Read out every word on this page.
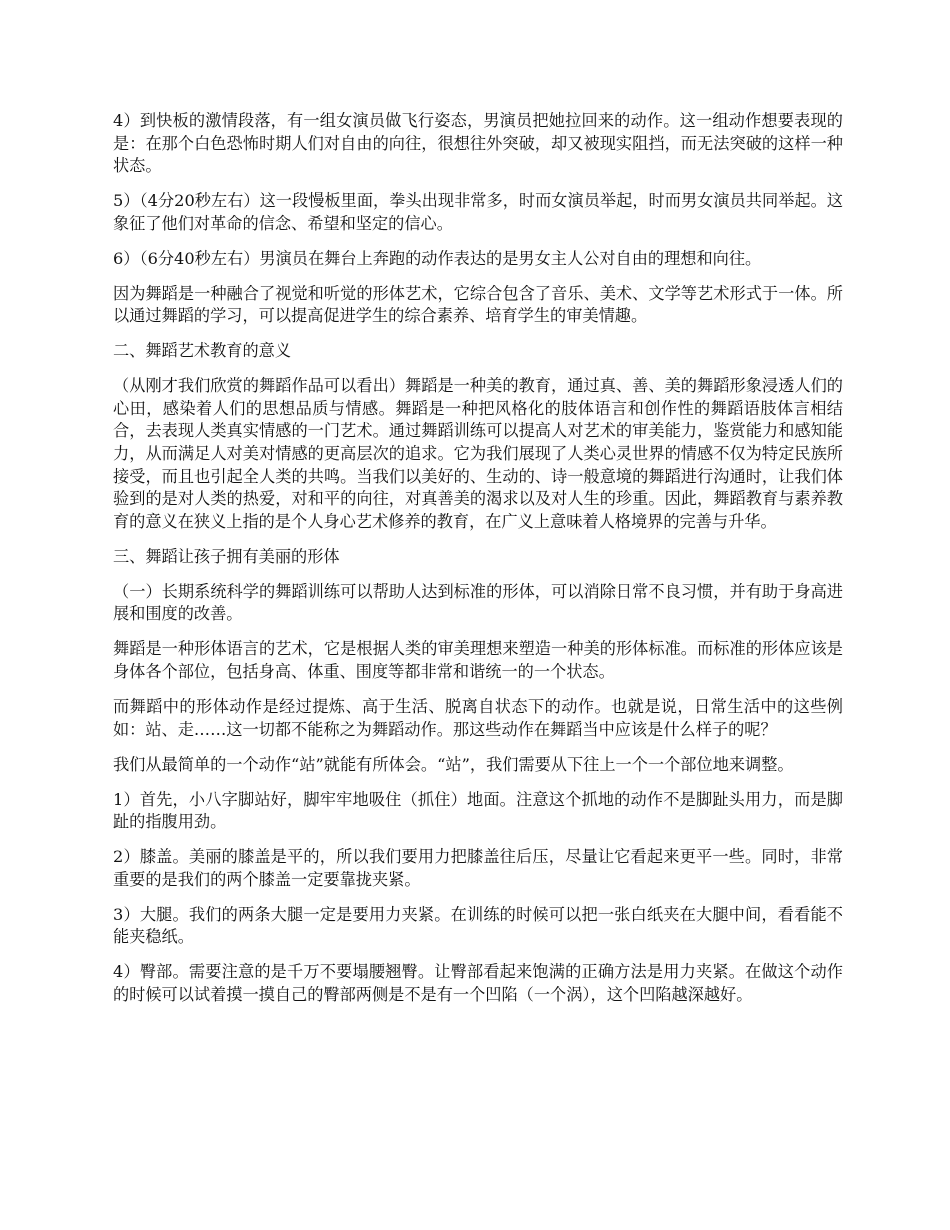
4）到快板的激情段落，有一组女演员做飞行姿态，男演员把她拉回来的动作。这一组动作想要表现的是：在那个白色恐怖时期人们对自由的向往，很想往外突破，却又被现实阻挡，而无法突破的这样一种状态。

5）（4分20秒左右）这一段慢板里面，拳头出现非常多，时而女演员举起，时而男女演员共同举起。这象征了他们对革命的信念、希望和坚定的信心。

6）（6分40秒左右）男演员在舞台上奔跑的动作表达的是男女主人公对自由的理想和向往。

因为舞蹈是一种融合了视觉和听觉的形体艺术，它综合包含了音乐、美术、文学等艺术形式于一体。所以通过舞蹈的学习，可以提高促进学生的综合素养、培育学生的审美情趣。

二、舞蹈艺术教育的意义

（从刚才我们欣赏的舞蹈作品可以看出）舞蹈是一种美的教育，通过真、善、美的舞蹈形象浸透人们的心田，感染着人们的思想品质与情感。舞蹈是一种把风格化的肢体语言和创作性的舞蹈语肢体言相结合，去表现人类真实情感的一门艺术。通过舞蹈训练可以提高人对艺术的审美能力，鉴赏能力和感知能力，从而满足人对美对情感的更高层次的追求。它为我们展现了人类心灵世界的情感不仅为特定民族所接受，而且也引起全人类的共鸣。当我们以美好的、生动的、诗一般意境的舞蹈进行沟通时，让我们体验到的是对人类的热爱，对和平的向往，对真善美的渴求以及对人生的珍重。因此，舞蹈教育与素养教育的意义在狭义上指的是个人身心艺术修养的教育，在广义上意味着人格境界的完善与升华。

三、舞蹈让孩子拥有美丽的形体

（一）长期系统科学的舞蹈训练可以帮助人达到标准的形体，可以消除日常不良习惯，并有助于身高进展和围度的改善。

舞蹈是一种形体语言的艺术，它是根据人类的审美理想来塑造一种美的形体标准。而标准的形体应该是身体各个部位，包括身高、体重、围度等都非常和谐统一的一个状态。

而舞蹈中的形体动作是经过提炼、高于生活、脱离自状态下的动作。也就是说，日常生活中的这些例如：站、走……这一切都不能称之为舞蹈动作。那这些动作在舞蹈当中应该是什么样子的呢？

我们从最简单的一个动作“站”就能有所体会。“站”，我们需要从下往上一个一个部位地来调整。

1）首先，小八字脚站好，脚牢牢地吸住（抓住）地面。注意这个抓地的动作不是脚趾头用力，而是脚趾的指腹用劲。

2）膝盖。美丽的膝盖是平的，所以我们要用力把膝盖往后压，尽量让它看起来更平一些。同时，非常重要的是我们的两个膝盖一定要靠拢夹紧。

3）大腿。我们的两条大腿一定是要用力夹紧。在训练的时候可以把一张白纸夹在大腿中间，看看能不能夹稳纸。

4）臀部。需要注意的是千万不要塌腰翘臀。让臀部看起来饱满的正确方法是用力夹紧。在做这个动作的时候可以试着摸一摸自己的臀部两侧是不是有一个凹陷（一个涡），这个凹陷越深越好。
